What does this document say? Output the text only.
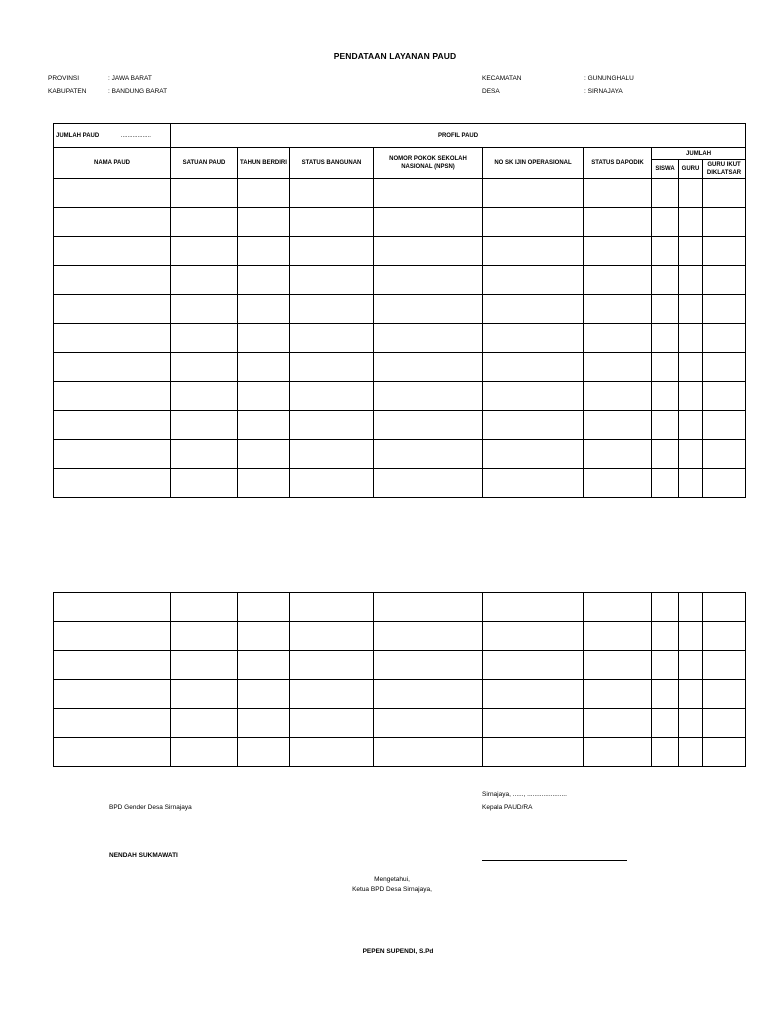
PENDATAAN LAYANAN PAUD
PROVINSI	: JAWA BARAT
KABUPATEN	: BANDUNG BARAT
KECAMATAN	: GUNUNGHALU
DESA	: SIRNAJAYA
JUMLAH PAUD ..................	PROFIL PAUD								
NAMA PAUD	SATUAN PAUD	TAHUN BERDIRI	STATUS BANGUNAN	NOMOR POKOK SEKOLAH NASIONAL (NPSN)	NO SK IJIN OPERASIONAL	STATUS DAPODIK	JUMLAH		
							SISWA	GURU	GURU IKUT DIKLATSAR

Sirnajaya, ......, ......................
BPD Gender Desa Sirnajaya	Kepala PAUD/RA
NENDAH SUKMAWATI
Mengetahui,
Ketua BPD Desa Sirnajaya,
PEPEN SUPENDI, S.Pd
